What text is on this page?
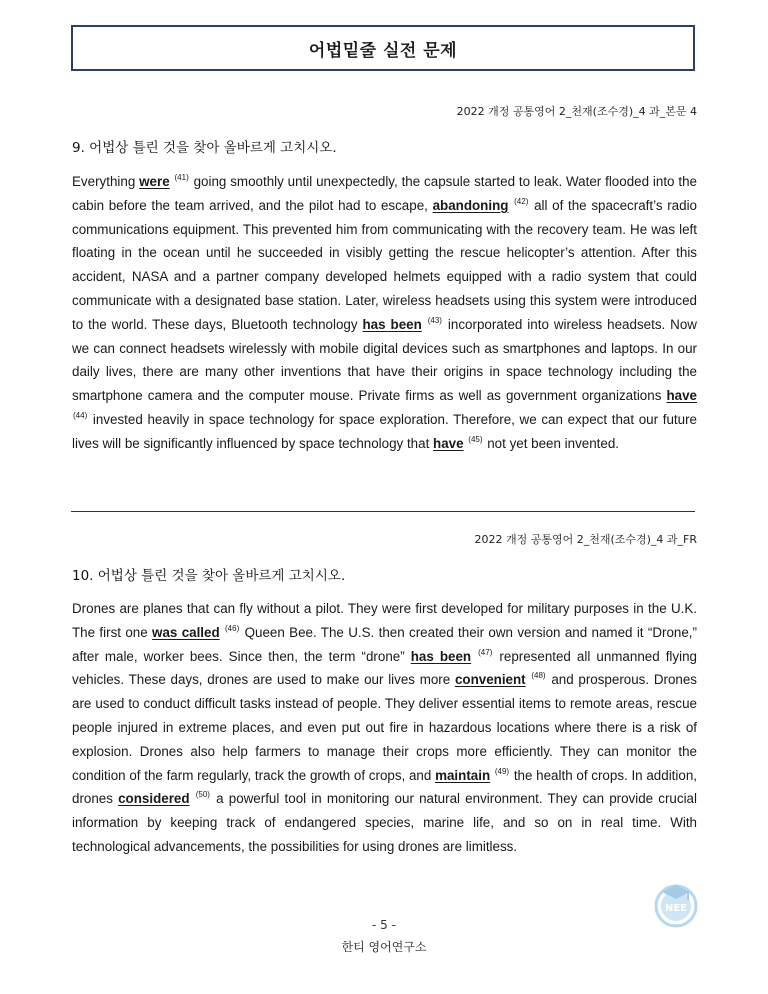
어법밑줄 실전 문제
2022 개정 공통영어 2_천재(조수경)_4 과_본문 4
9. 어법상 틀린 것을 찾아 올바르게 고치시오.
Everything were $^{(41)}$ going smoothly until unexpectedly, the capsule started to leak. Water flooded into the cabin before the team arrived, and the pilot had to escape, abandoning $^{(42)}$ all of the spacecraft’s radio communications equipment. This prevented him from communicating with the recovery team. He was left floating in the ocean until he succeeded in visibly getting the rescue helicopter’s attention. After this accident, NASA and a partner company developed helmets equipped with a radio system that could communicate with a designated base station. Later, wireless headsets using this system were introduced to the world. These days, Bluetooth technology has been $^{(43)}$ incorporated into wireless headsets. Now we can connect headsets wirelessly with mobile digital devices such as smartphones and laptops. In our daily lives, there are many other inventions that have their origins in space technology including the smartphone camera and the computer mouse. Private firms as well as government organizations have $^{(44)}$ invested heavily in space technology for space exploration. Therefore, we can expect that our future lives will be significantly influenced by space technology that have $^{(45)}$ not yet been invented.
2022 개정 공통영어 2_천재(조수경)_4 과_FR
10. 어법상 틀린 것을 찾아 올바르게 고치시오.
Drones are planes that can fly without a pilot. They were first developed for military purposes in the U.K. The first one was called $^{(46)}$ Queen Bee. The U.S. then created their own version and named it “Drone,” after male, worker bees. Since then, the term “drone” has been $^{(47)}$ represented all unmanned flying vehicles. These days, drones are used to make our lives more convenient $^{(48)}$ and prosperous. Drones are used to conduct difficult tasks instead of people. They deliver essential items to remote areas, rescue people injured in extreme places, and even put out fire in hazardous locations where there is a risk of explosion. Drones also help farmers to manage their crops more efficiently. They can monitor the condition of the farm regularly, track the growth of crops, and maintain $^{(49)}$ the health of crops. In addition, drones considered $^{(50)}$ a powerful tool in monitoring our natural environment. They can provide crucial information by keeping track of endangered species, marine life, and so on in real time. With technological advancements, the possibilities for using drones are limitless.
NEE
- 5 -
한티 영어연구소
